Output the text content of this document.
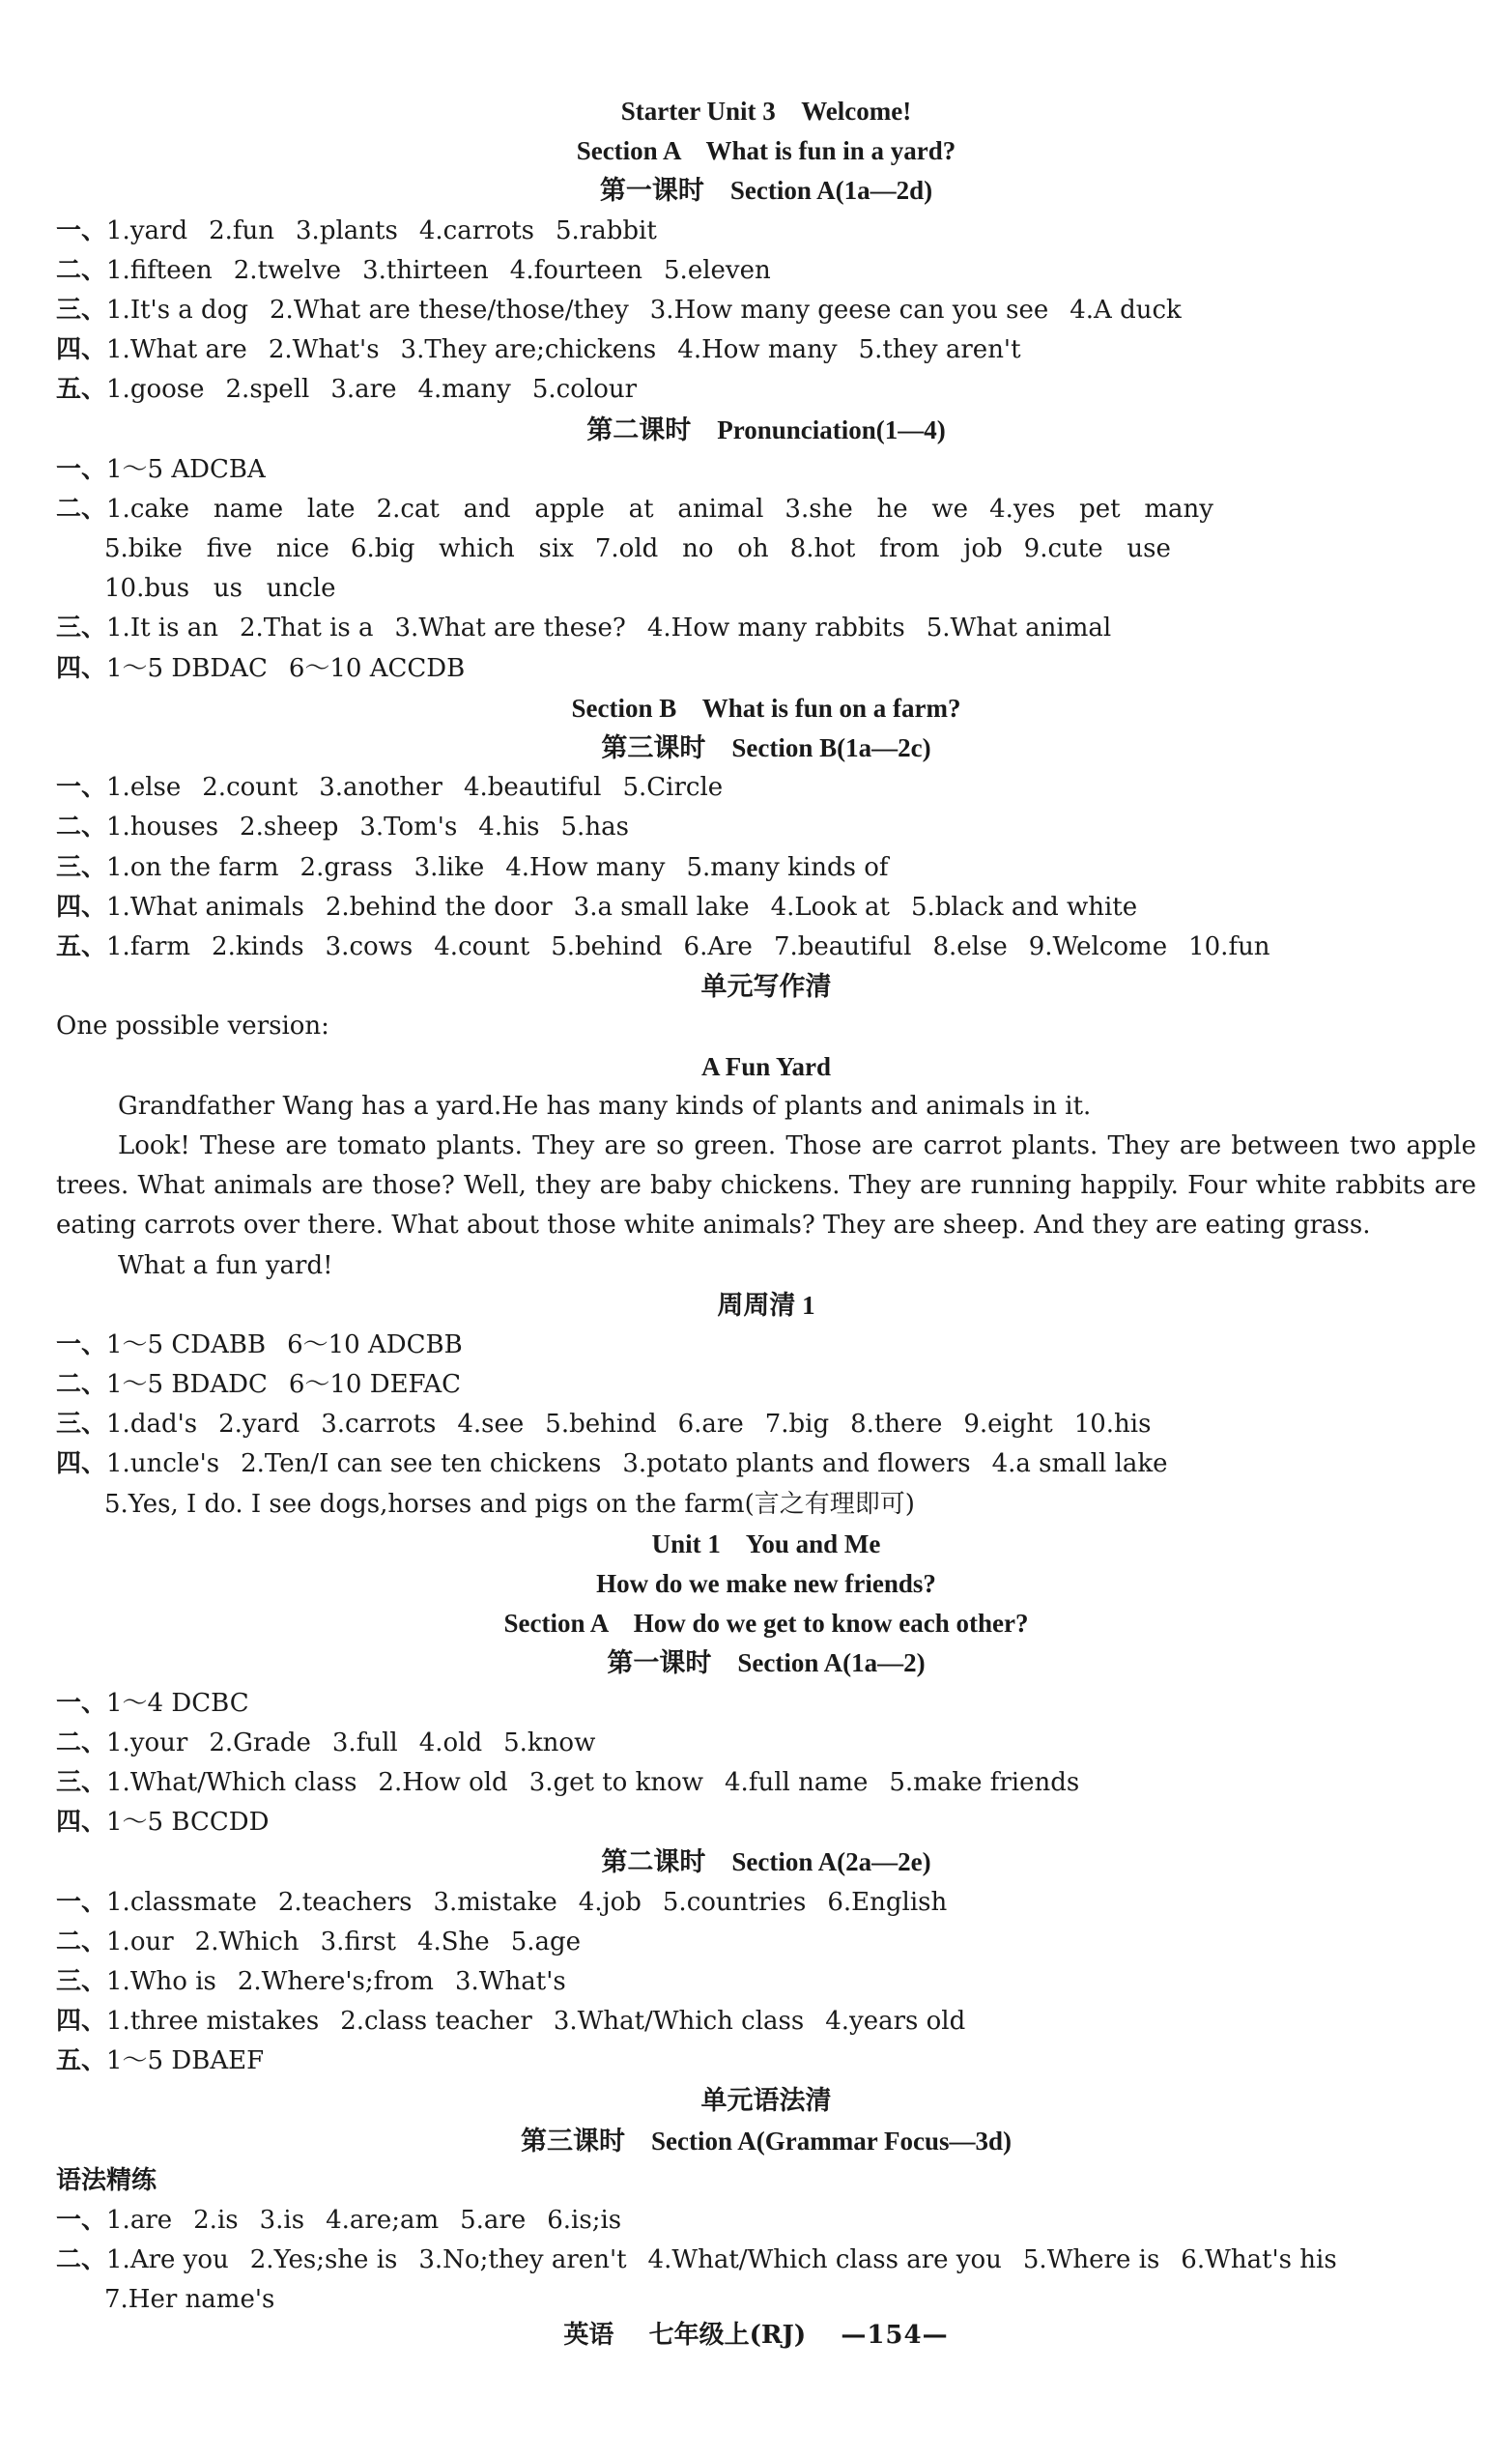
Starter Unit 3    Welcome!
Section A    What is fun in a yard?
第一课时    Section A(1a—2d)
一、1.yard 2.fun 3.plants 4.carrots 5.rabbit
二、1.fifteen 2.twelve 3.thirteen 4.fourteen 5.eleven
三、1.It's a dog 2.What are these/those/they 3.How many geese can you see 4.A duck
四、1.What are 2.What's 3.They are;chickens 4.How many 5.they aren't
五、1.goose 2.spell 3.are 4.many 5.colour
第二课时    Pronunciation(1—4)
一、1～5 ADCBA
二、1.cake   name   late 2.cat   and   apple   at   animal 3.she   he   we 4.yes   pet   many
5.bike   five   nice 6.big   which   six 7.old   no   oh 8.hot   from   job 9.cute   use
10.bus   us   uncle
三、1.It is an 2.That is a 3.What are these? 4.How many rabbits 5.What animal
四、1～5 DBDAC 6～10 ACCDB
Section B    What is fun on a farm?
第三课时    Section B(1a—2c)
一、1.else 2.count 3.another 4.beautiful 5.Circle
二、1.houses 2.sheep 3.Tom's 4.his 5.has
三、1.on the farm 2.grass 3.like 4.How many 5.many kinds of
四、1.What animals 2.behind the door 3.a small lake 4.Look at 5.black and white
五、1.farm 2.kinds 3.cows 4.count 5.behind 6.Are 7.beautiful 8.else 9.Welcome 10.fun
单元写作清
One possible version:
A Fun Yard
Grandfather Wang has a yard.He has many kinds of plants and animals in it.
Look! These are tomato plants. They are so green. Those are carrot plants. They are between two apple trees. What animals are those? Well, they are baby chickens. They are running happily. Four white rabbits are eating carrots over there. What about those white animals? They are sheep. And they are eating grass.
What a fun yard!
周周清 1
一、1～5 CDABB 6～10 ADCBB
二、1～5 BDADC 6～10 DEFAC
三、1.dad's 2.yard 3.carrots 4.see 5.behind 6.are 7.big 8.there 9.eight 10.his
四、1.uncle's 2.Ten/I can see ten chickens 3.potato plants and flowers 4.a small lake
5.Yes, I do. I see dogs,horses and pigs on the farm(言之有理即可)
Unit 1    You and Me
How do we make new friends?
Section A    How do we get to know each other?
第一课时    Section A(1a—2)
一、1～4 DCBC
二、1.your 2.Grade 3.full 4.old 5.know
三、1.What/Which class 2.How old 3.get to know 4.full name 5.make friends
四、1～5 BCCDD
第二课时    Section A(2a—2e)
一、1.classmate 2.teachers 3.mistake 4.job 5.countries 6.English
二、1.our 2.Which 3.first 4.She 5.age
三、1.Who is 2.Where's;from 3.What's
四、1.three mistakes 2.class teacher 3.What/Which class 4.years old
五、1～5 DBAEF
单元语法清
第三课时    Section A(Grammar Focus—3d)
语法精练
一、1.are 2.is 3.is 4.are;am 5.are 6.is;is
二、1.Are you 2.Yes;she is 3.No;they aren't 4.What/Which class are you 5.Where is 6.What's his
7.Her name's
英语 七年级上(RJ) —154—
